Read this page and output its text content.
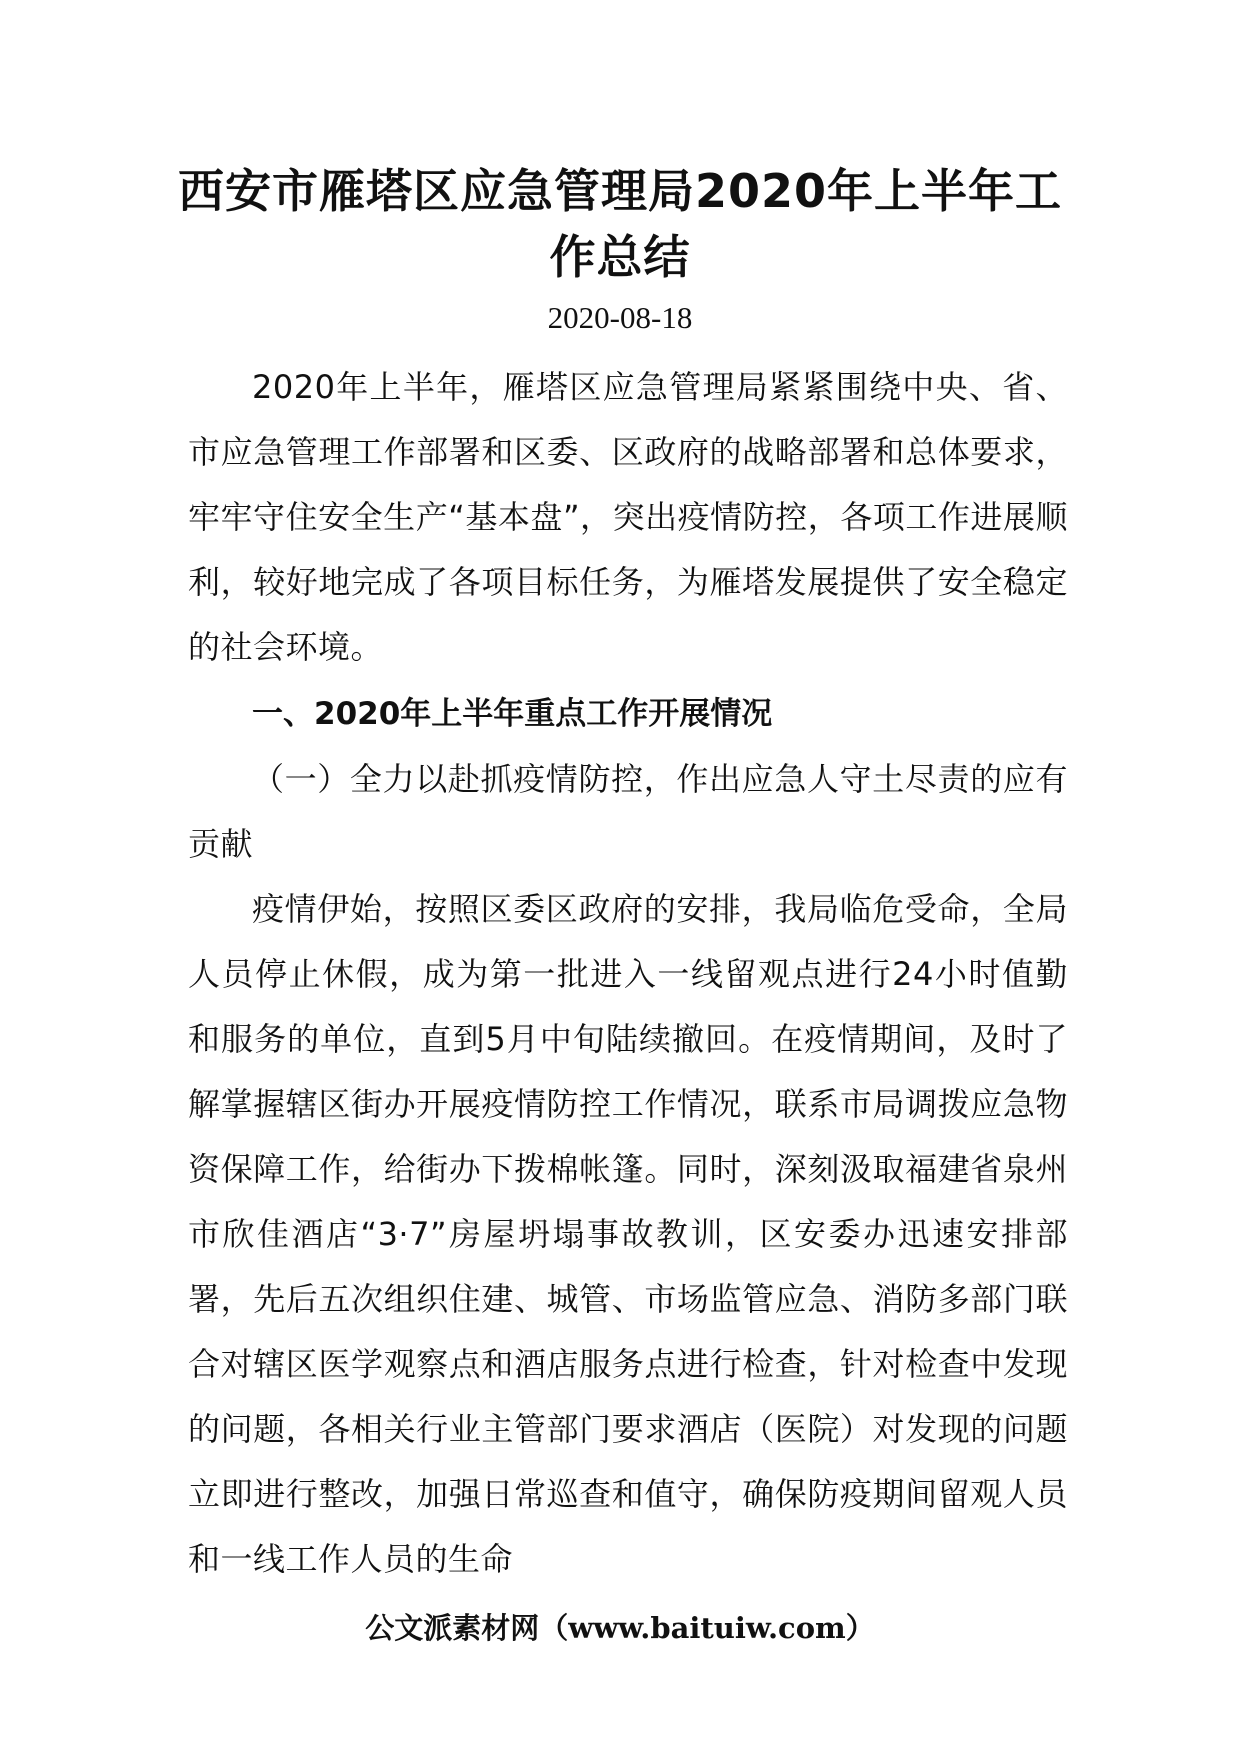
西安市雁塔区应急管理局2020年上半年工
作总结

2020-08-18

2020年上半年，雁塔区应急管理局紧紧围绕中央、省、市应急管理工作部署和区委、区政府的战略部署和总体要求，牢牢守住安全生产“基本盘”，突出疫情防控，各项工作进展顺利，较好地完成了各项目标任务，为雁塔发展提供了安全稳定的社会环境。

一、2020年上半年重点工作开展情况

（一）全力以赴抓疫情防控，作出应急人守土尽责的应有贡献

疫情伊始，按照区委区政府的安排，我局临危受命，全局人员停止休假，成为第一批进入一线留观点进行24小时值勤和服务的单位，直到5月中旬陆续撤回。在疫情期间，及时了解掌握辖区街办开展疫情防控工作情况，联系市局调拨应急物资保障工作，给街办下拨棉帐篷。同时，深刻汲取福建省泉州市欣佳酒店“3·7”房屋坍塌事故教训，区安委办迅速安排部署，先后五次组织住建、城管、市场监管应急、消防多部门联合对辖区医学观察点和酒店服务点进行检查，针对检查中发现的问题，各相关行业主管部门要求酒店（医院）对发现的问题立即进行整改，加强日常巡查和值守，确保防疫期间留观人员和一线工作人员的生命

公文派素材网（www.baituiw.com）
